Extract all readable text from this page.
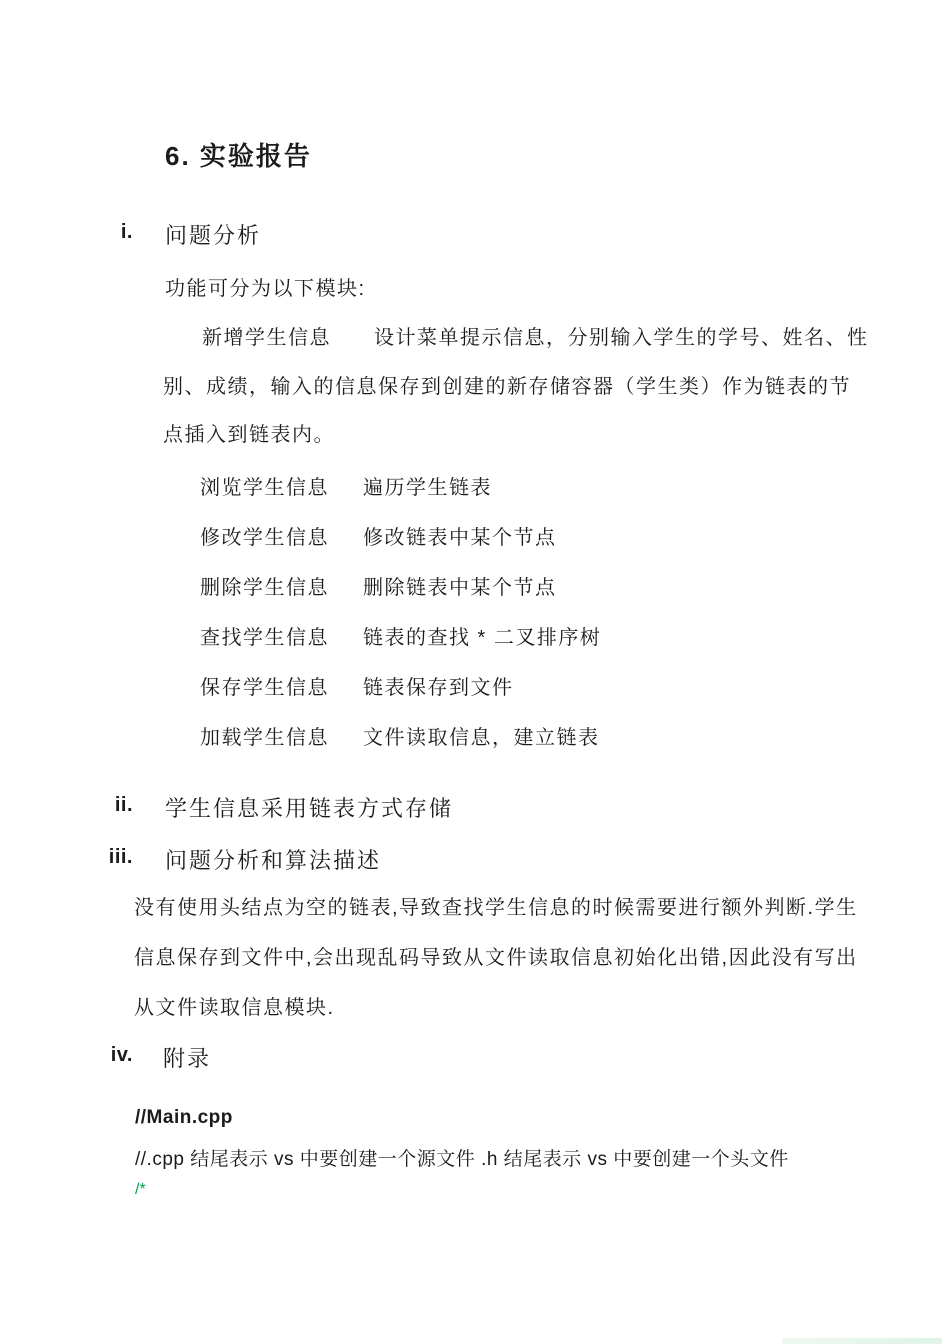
6. 实验报告
i. 问题分析
功能可分为以下模块:
新增学生信息　　设计菜单提示信息，分别输入学生的学号、姓名、性
别、成绩，输入的信息保存到创建的新存储容器（学生类）作为链表的节
点插入到链表内。
浏览学生信息 遍历学生链表
修改学生信息 修改链表中某个节点
删除学生信息 删除链表中某个节点
查找学生信息 链表的查找 * 二叉排序树
保存学生信息 链表保存到文件
加载学生信息 文件读取信息，建立链表
ii. 学生信息采用链表方式存储
iii. 问题分析和算法描述
没有使用头结点为空的链表,导致查找学生信息的时候需要进行额外判断.学生
信息保存到文件中,会出现乱码导致从文件读取信息初始化出错,因此没有写出
从文件读取信息模块.
iv. 附录
//Main.cpp
//.cpp 结尾表示 vs 中要创建一个源文件 .h 结尾表示 vs 中要创建一个头文件
/*
